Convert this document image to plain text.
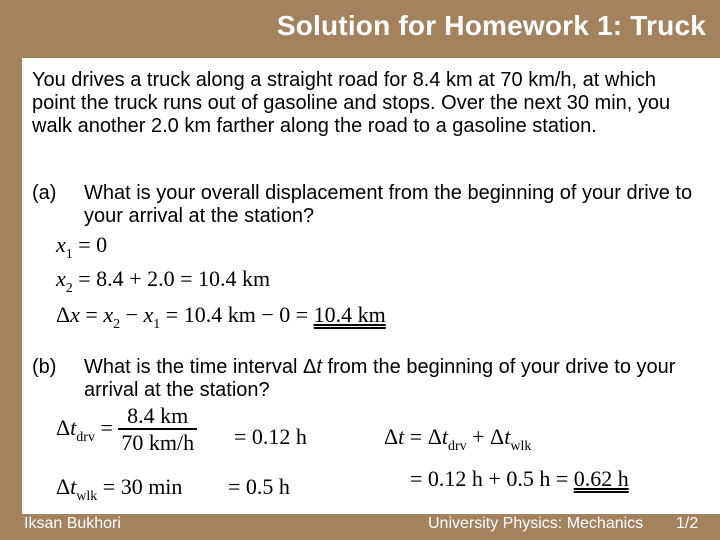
Solution for Homework 1: Truck
You drives a truck along a straight road for 8.4 km at 70 km/h, at which point the truck runs out of gasoline and stops. Over the next 30 min, you walk another 2.0 km farther along the road to a gasoline station.
(a)	What is your overall displacement from the beginning of your drive to your arrival at the station?
$x_1 = 0$
$x_2 = 8.4 + 2.0 = 10.4$ km
$\Delta x = x_2 - x_1 = 10.4$ km − 0 = 10.4 km
(b)	What is the time interval Δt from the beginning of your drive to your arrival at the station?
$\Delta t_{drv} = \frac{8.4 km}{70 km/h} = 0.12$ h
$\Delta t_{wlk} = 30$ min = 0.5 h
$\Delta t = \Delta t_{drv} + \Delta t_{wlk}$
= 0.12 h + 0.5 h = 0.62 h
Iksan Bukhori	University Physics: Mechanics 1/2
